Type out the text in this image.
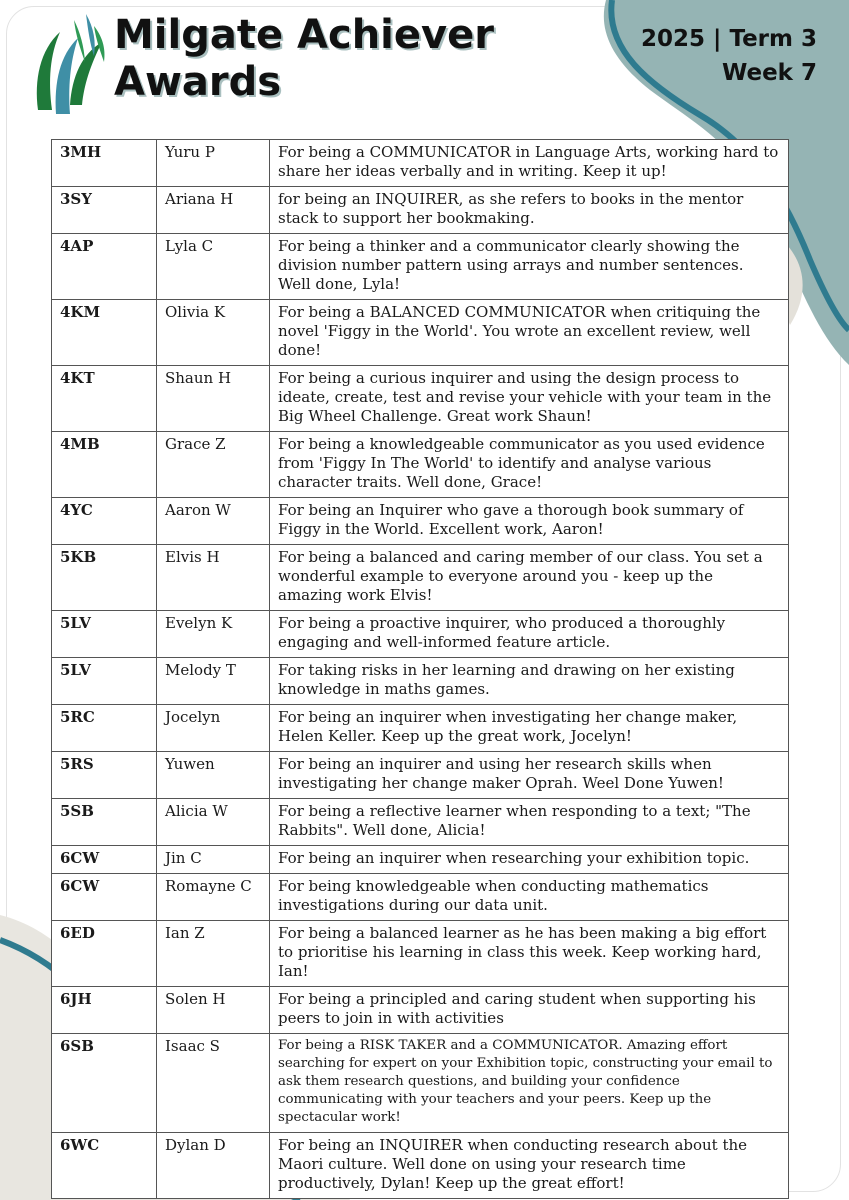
Milgate Achiever
Awards
2025 | Term 3
Week 7
3MH	Yuru P	For being a COMMUNICATOR in Language Arts, working hard to share her ideas verbally and in writing. Keep it up!
3SY	Ariana H	for being an INQUIRER, as she refers to books in the mentor stack to support her bookmaking.
4AP	Lyla C	For being a thinker and a communicator clearly showing the division number pattern using arrays and number sentences. Well done, Lyla!
4KM	Olivia K	For being a BALANCED COMMUNICATOR when critiquing the novel 'Figgy in the World'. You wrote an excellent review, well done!
4KT	Shaun H	For being a curious inquirer and using the design process to ideate, create, test and revise your vehicle with your team in the Big Wheel Challenge. Great work Shaun!
4MB	Grace Z	For being a knowledgeable communicator as you used evidence from 'Figgy In The World' to identify and analyse various character traits. Well done, Grace!
4YC	Aaron W	For being an Inquirer who gave a thorough book summary of Figgy in the World. Excellent work, Aaron!
5KB	Elvis H	For being a balanced and caring member of our class. You set a wonderful example to everyone around you - keep up the amazing work Elvis!
5LV	Evelyn K	For being a proactive inquirer, who produced a thoroughly engaging and well-informed feature article.
5LV	Melody T	For taking risks in her learning and drawing on her existing knowledge in maths games.
5RC	Jocelyn	For being an inquirer when investigating her change maker, Helen Keller. Keep up the great work, Jocelyn!
5RS	Yuwen	For being an inquirer and using her research skills when investigating her change maker Oprah. Weel Done Yuwen!
5SB	Alicia W	For being a reflective learner when responding to a text; "The Rabbits". Well done, Alicia!
6CW	Jin C	For being an inquirer when researching your exhibition topic.
6CW	Romayne C	For being knowledgeable when conducting mathematics investigations during our data unit.
6ED	Ian Z	For being a balanced learner as he has been making a big effort to prioritise his learning in class this week. Keep working hard, Ian!
6JH	Solen H	For being a principled and caring student when supporting his peers to join in with activities
6SB	Isaac S	For being a RISK TAKER and a COMMUNICATOR. Amazing effort searching for expert on your Exhibition topic, constructing your email to ask them research questions, and building your confidence communicating with your teachers and your peers. Keep up the spectacular work!
6WC	Dylan D	For being an INQUIRER when conducting research about the Maori culture. Well done on using your research time productively, Dylan! Keep up the great effort!
